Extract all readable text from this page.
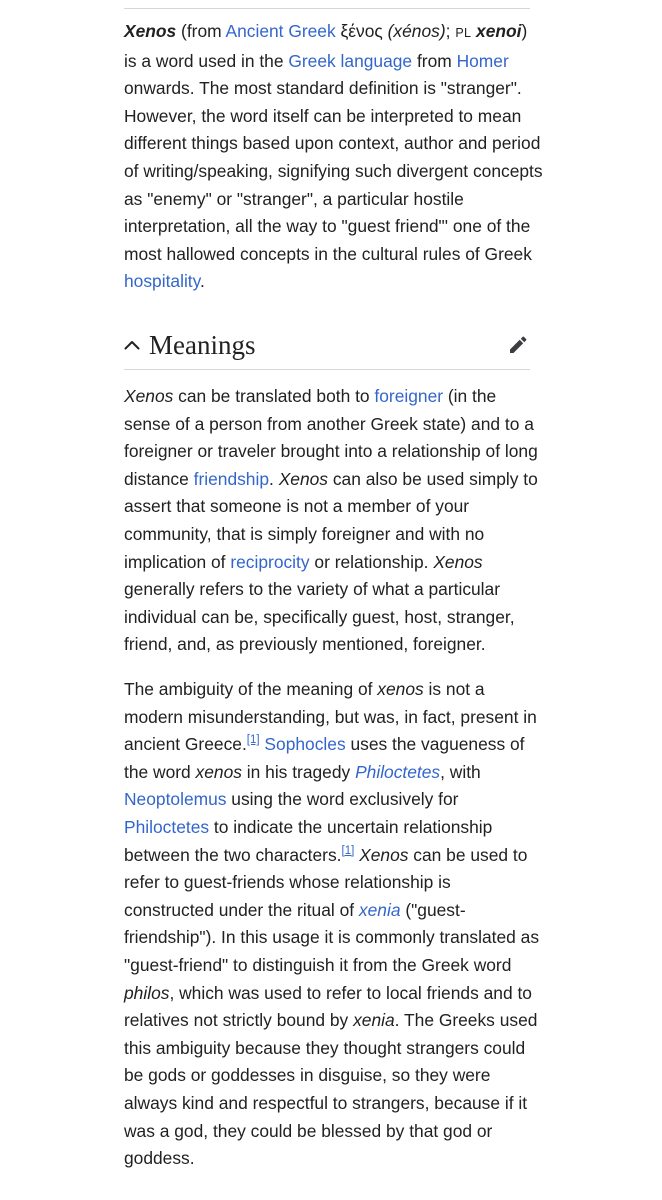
Xenos (from Ancient Greek ξένος (xénos); PL xenoi) is a word used in the Greek language from Homer onwards. The most standard definition is "stranger". However, the word itself can be interpreted to mean different things based upon context, author and period of writing/speaking, signifying such divergent concepts as "enemy" or "stranger", a particular hostile interpretation, all the way to "guest friend"' one of the most hallowed concepts in the cultural rules of Greek hospitality.

Meanings

Xenos can be translated both to foreigner (in the sense of a person from another Greek state) and to a foreigner or traveler brought into a relationship of long distance friendship. Xenos can also be used simply to assert that someone is not a member of your community, that is simply foreigner and with no implication of reciprocity or relationship. Xenos generally refers to the variety of what a particular individual can be, specifically guest, host, stranger, friend, and, as previously mentioned, foreigner.

The ambiguity of the meaning of xenos is not a modern misunderstanding, but was, in fact, present in ancient Greece.[1] Sophocles uses the vagueness of the word xenos in his tragedy Philoctetes, with Neoptolemus using the word exclusively for Philoctetes to indicate the uncertain relationship between the two characters.[1] Xenos can be used to refer to guest-friends whose relationship is constructed under the ritual of xenia ("guest-friendship"). In this usage it is commonly translated as "guest-friend" to distinguish it from the Greek word philos, which was used to refer to local friends and to relatives not strictly bound by xenia. The Greeks used this ambiguity because they thought strangers could be gods or goddesses in disguise, so they were always kind and respectful to strangers, because if it was a god, they could be blessed by that god or goddess.
